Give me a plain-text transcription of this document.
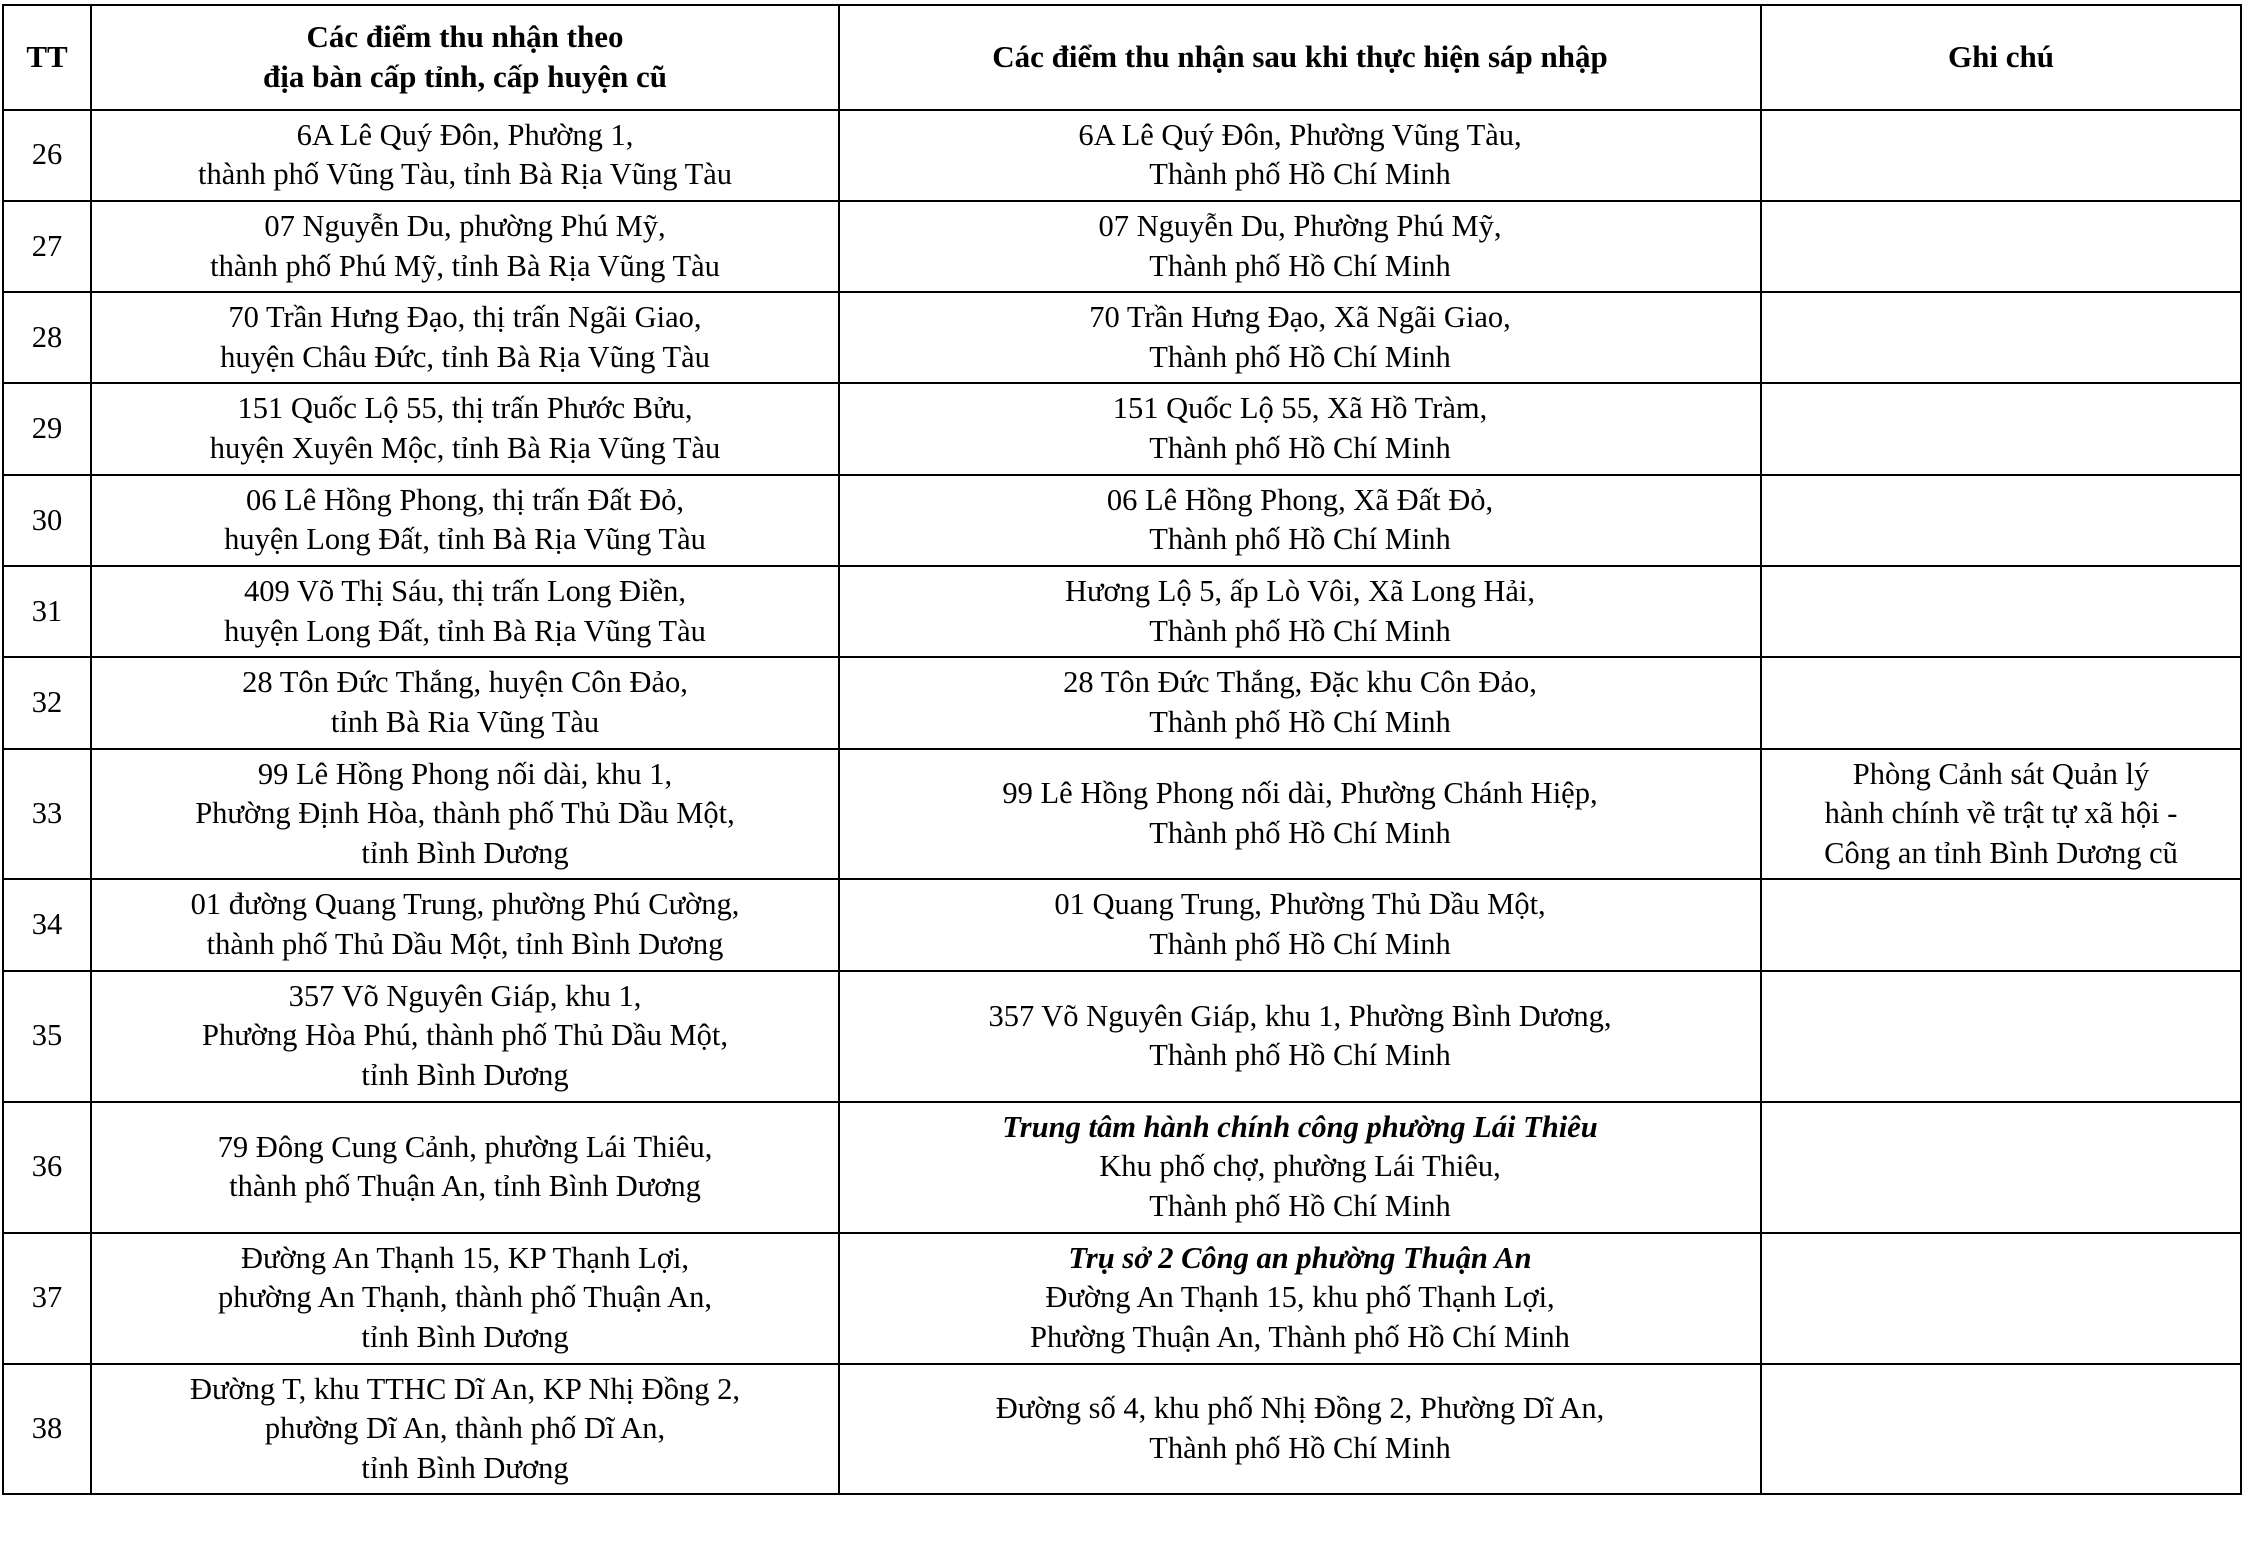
TT	Các điểm thu nhận theo
địa bàn cấp tỉnh, cấp huyện cũ	Các điểm thu nhận sau khi thực hiện sáp nhập	Ghi chú
26	6A Lê Quý Đôn, Phường 1,
thành phố Vũng Tàu, tỉnh Bà Rịa Vũng Tàu	6A Lê Quý Đôn, Phường Vũng Tàu,
Thành phố Hồ Chí Minh	

27	07 Nguyễn Du, phường Phú Mỹ,
thành phố Phú Mỹ, tỉnh Bà Rịa Vũng Tàu	07 Nguyễn Du, Phường Phú Mỹ,
Thành phố Hồ Chí Minh	

28	70 Trần Hưng Đạo, thị trấn Ngãi Giao,
huyện Châu Đức, tỉnh Bà Rịa Vũng Tàu	70 Trần Hưng Đạo, Xã Ngãi Giao,
Thành phố Hồ Chí Minh	

29	151 Quốc Lộ 55, thị trấn Phước Bửu,
huyện Xuyên Mộc, tỉnh Bà Rịa Vũng Tàu	151 Quốc Lộ 55, Xã Hồ Tràm,
Thành phố Hồ Chí Minh	

30	06 Lê Hồng Phong, thị trấn Đất Đỏ,
huyện Long Đất, tỉnh Bà Rịa Vũng Tàu	06 Lê Hồng Phong, Xã Đất Đỏ,
Thành phố Hồ Chí Minh	

31	409 Võ Thị Sáu, thị trấn Long Điền,
huyện Long Đất, tỉnh Bà Rịa Vũng Tàu	Hương Lộ 5, ấp Lò Vôi, Xã Long Hải,
Thành phố Hồ Chí Minh	

32	28 Tôn Đức Thắng, huyện Côn Đảo,
tỉnh Bà Ria Vũng Tàu	28 Tôn Đức Thắng, Đặc khu Côn Đảo,
Thành phố Hồ Chí Minh	

33	99 Lê Hồng Phong nối dài, khu 1,
Phường Định Hòa, thành phố Thủ Dầu Một,
tỉnh Bình Dương	99 Lê Hồng Phong nối dài, Phường Chánh Hiệp,
Thành phố Hồ Chí Minh	Phòng Cảnh sát Quản lý
hành chính về trật tự xã hội -
Công an tỉnh Bình Dương cũ

34	01 đường Quang Trung, phường Phú Cường,
thành phố Thủ Dầu Một, tỉnh Bình Dương	01 Quang Trung, Phường Thủ Dầu Một,
Thành phố Hồ Chí Minh	

35	357 Võ Nguyên Giáp, khu 1,
Phường Hòa Phú, thành phố Thủ Dầu Một,
tỉnh Bình Dương	357 Võ Nguyên Giáp, khu 1, Phường Bình Dương,
Thành phố Hồ Chí Minh	

36	79 Đông Cung Cảnh, phường Lái Thiêu,
thành phố Thuận An, tỉnh Bình Dương	Trung tâm hành chính công phường Lái Thiêu
Khu phố chợ, phường Lái Thiêu,
Thành phố Hồ Chí Minh	

37	Đường An Thạnh 15, KP Thạnh Lợi,
phường An Thạnh, thành phố Thuận An,
tỉnh Bình Dương	Trụ sở 2 Công an phường Thuận An
Đường An Thạnh 15, khu phố Thạnh Lợi,
Phường Thuận An, Thành phố Hồ Chí Minh	

38	Đường T, khu TTHC Dĩ An, KP Nhị Đồng 2,
phường Dĩ An, thành phố Dĩ An,
tỉnh Bình Dương	Đường số 4, khu phố Nhị Đồng 2, Phường Dĩ An,
Thành phố Hồ Chí Minh	
